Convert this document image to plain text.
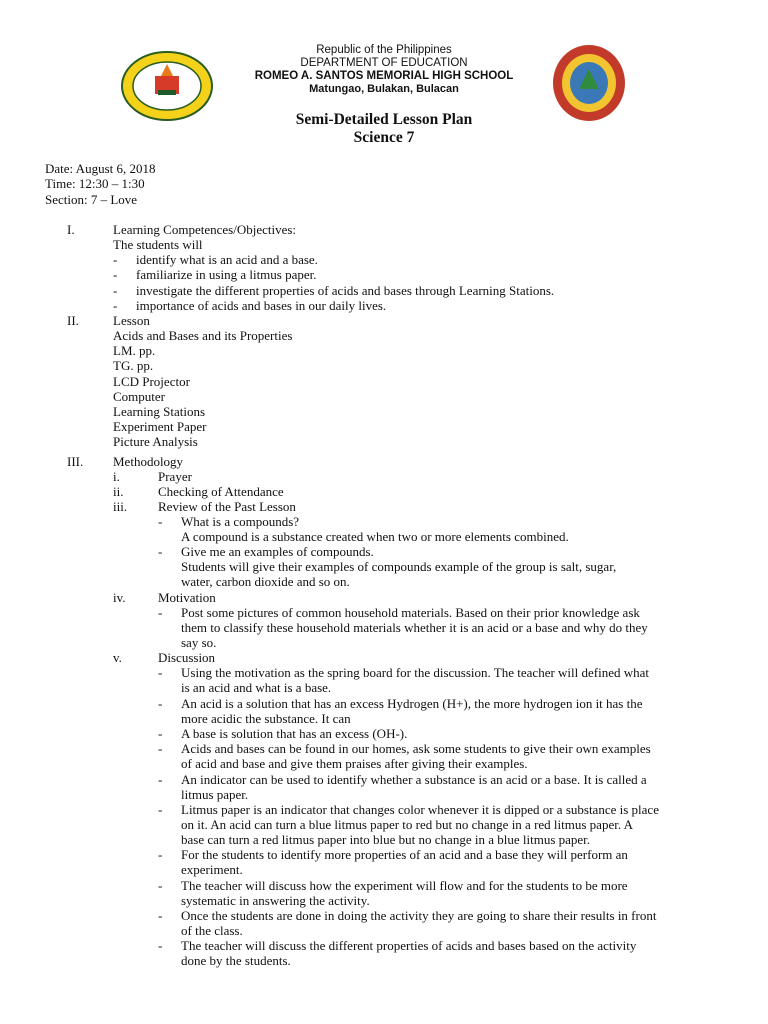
Republic of the Philippines
DEPARTMENT OF EDUCATION
ROMEO A. SANTOS MEMORIAL HIGH SCHOOL
Matungao, Bulakan, Bulacan
Semi-Detailed Lesson Plan
Science 7
Date: August 6, 2018
Time: 12:30 – 1:30
Section: 7 – Love
I.	Learning Competences/Objectives:
The students will
- identify what is an acid and a base.
- familiarize in using a litmus paper.
- investigate the different properties of acids and bases through Learning Stations.
- importance of acids and bases in our daily lives.
II.	Lesson
Acids and Bases and its Properties
LM. pp.
TG. pp.
LCD Projector
Computer
Learning Stations
Experiment Paper
Picture Analysis
III. Methodology
i.	Prayer
ii.	Checking of Attendance
iii. Review of the Past Lesson
- What is a compounds?
A compound is a substance created when two or more elements combined.
- Give me an examples of compounds.
Students will give their examples of compounds example of the group is salt, sugar,
water, carbon dioxide and so on.
iv. Motivation
- Post some pictures of common household materials. Based on their prior knowledge ask
them to classify these household materials whether it is an acid or a base and why do they
say so.
v.	Discussion
- Using the motivation as the spring board for the discussion. The teacher will defined what
is an acid and what is a base.
- An acid is a solution that has an excess Hydrogen (H+), the more hydrogen ion it has the
more acidic the substance. It can
- A base is solution that has an excess (OH-).
- Acids and bases can be found in our homes, ask some students to give their own examples
of acid and base and give them praises after giving their examples.
- An indicator can be used to identify whether a substance is an acid or a base. It is called a
litmus paper.
- Litmus paper is an indicator that changes color whenever it is dipped or a substance is place
on it. An acid can turn a blue litmus paper to red but no change in a red litmus paper. A
base can turn a red litmus paper into blue but no change in a blue litmus paper.
- For the students to identify more properties of an acid and a base they will perform an
experiment.
- The teacher will discuss how the experiment will flow and for the students to be more
systematic in answering the activity.
- Once the students are done in doing the activity they are going to share their results in front
of the class.
- The teacher will discuss the different properties of acids and bases based on the activity
done by the students.
